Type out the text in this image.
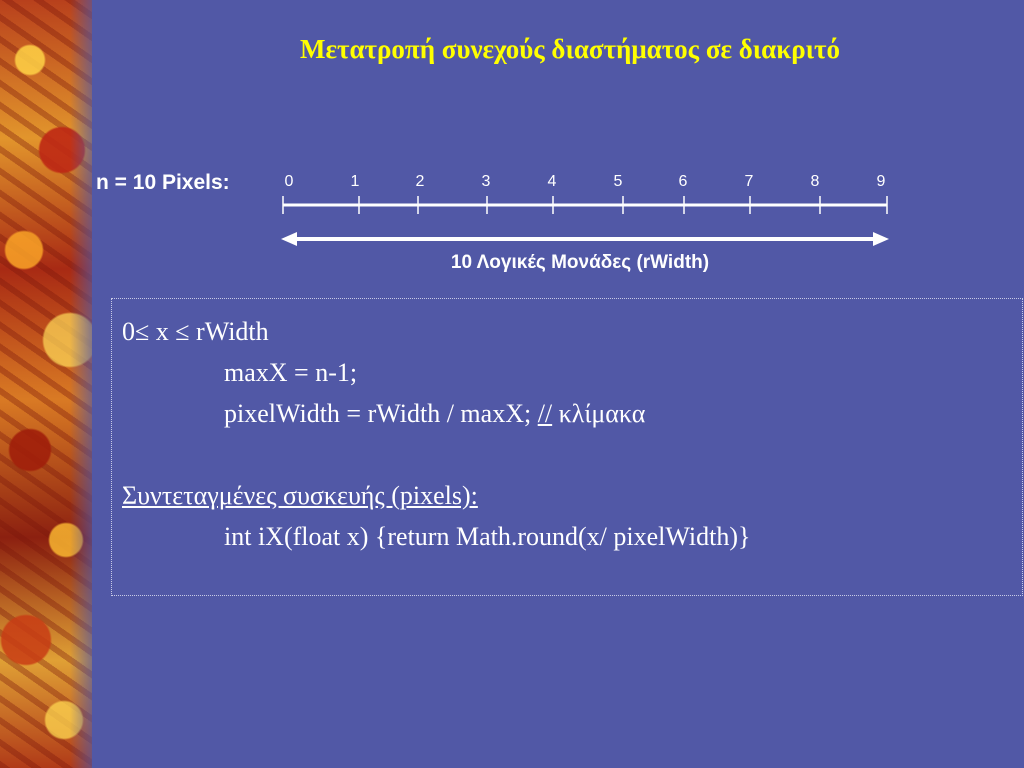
Μετατροπή συνεχούς διαστήματος σε διακριτό
n = 10 Pixels:	0	1	2	3	4	5	6	7	8	9
10 Λογικές Μονάδες (rWidth)
0≤ x ≤ rWidth
maxX = n-1;
pixelWidth = rWidth / maxX; // κλίμακα
Συντεταγμένες συσκευής (pixels):
int iX(float x) {return Math.round(x/ pixelWidth)}
